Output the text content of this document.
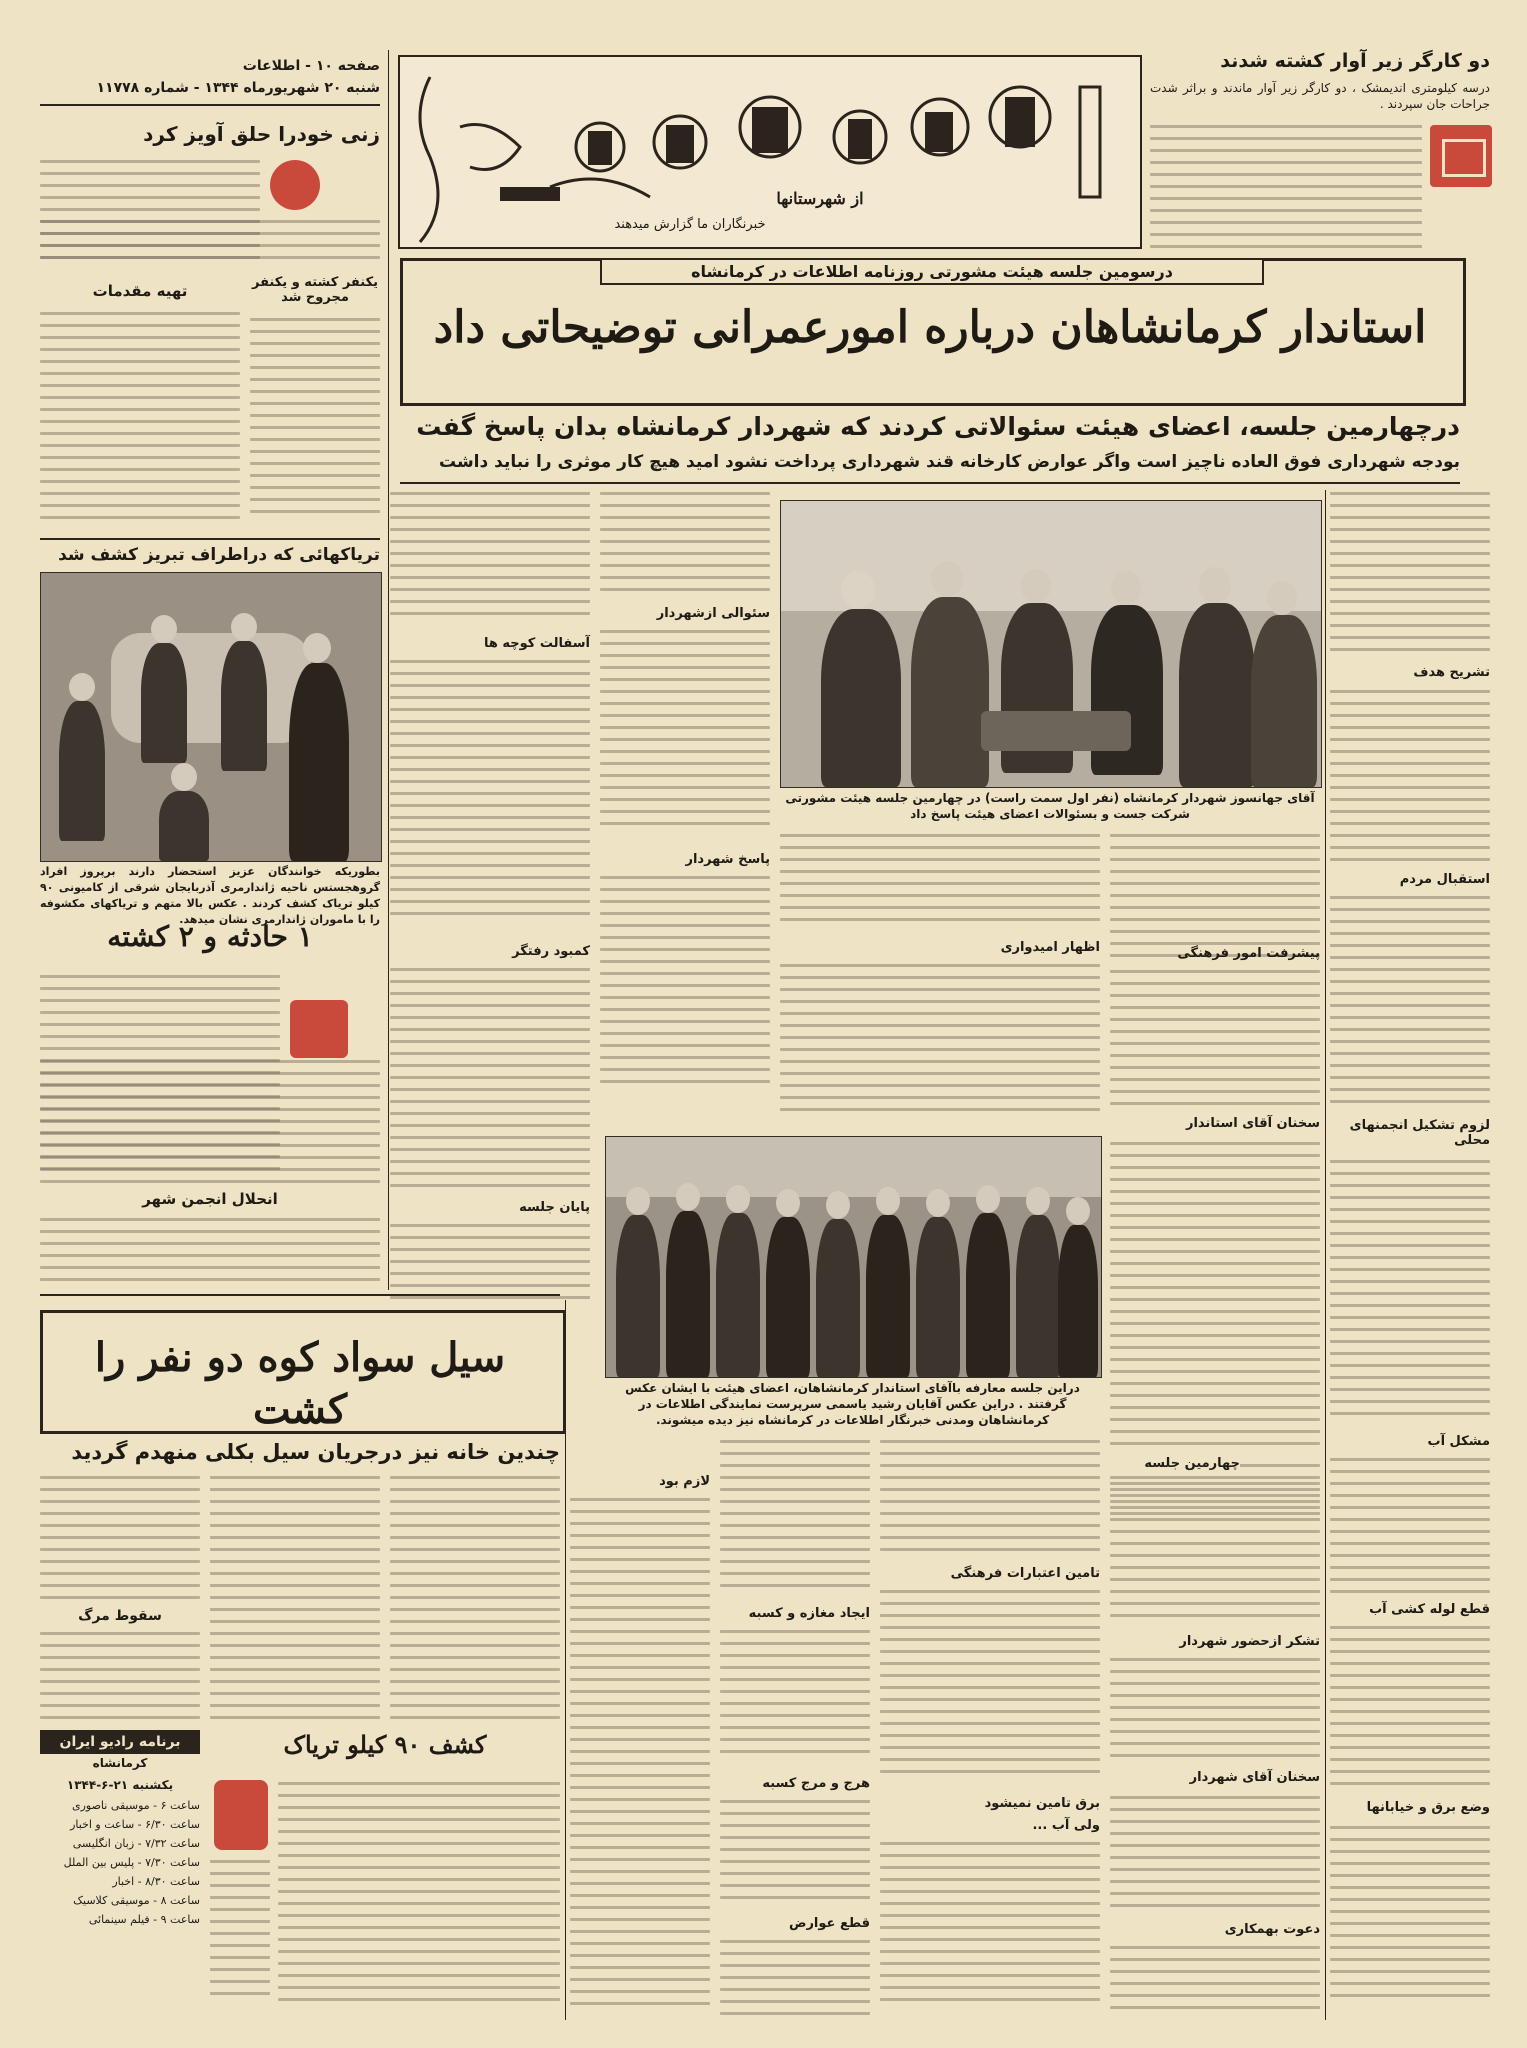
صفحه ۱۰ - اطلاعات
شنبه ۲۰ شهریورماه ۱۳۴۴ - شماره ۱۱۷۷۸
از شهرستانها
خبرنگاران ما گزارش میدهند
دو کارگر زیر آوار کشته شدند
درسه کیلومتری اندیمشک ، دو کارگر زیر آوار ماندند و براثر شدت جراحات جان سپردند .
زنی خودرا حلق آویز کرد
یکنفر کشته و یکنفر مجروح شد
تهیه مقدمات
تریاکهائی که دراطراف تبریز کشف شد
بطوریکه خوانندگان عزیز استحضار دارند برپروز افراد گروهجستس ناحیه ژاندارمری آذربایجان شرقی از کامیونی ۹۰ کیلو تریاک کشف کردند . عکس بالا متهم و تریاکهای مکشوفه را با ماموران ژاندارمری نشان میدهد.
۱ حادثه و ۲ کشته
انحلال انجمن شهر
درسومین جلسه هیئت مشورتی روزنامه اطلاعات در کرمانشاه
استاندار کرمانشاهان درباره امورعمرانی توضیحاتی داد
درچهارمین جلسه، اعضای هیئت سئوالاتی کردند که شهردار کرمانشاه بدان پاسخ گفت
بودجه شهرداری فوق العاده ناچیز است واگر عوارض کارخانه قند شهرداری پرداخت نشود امید هیچ کار موثری را نباید داشت
تشریح هدف
استقبال مردم
لزوم تشکیل انجمنهای محلی
مشکل آب
قطع لوله کشی آب
وضع برق و خیابانها
آقای جهانسوز شهردار کرمانشاه (نفر اول سمت راست) در چهارمین جلسه هیئت مشورتی شرکت جست و بسئوالات اعضای هیئت پاسخ داد
سئوالی ازشهردار
پاسخ شهردار
آسفالت کوچه ها
کمبود رفتگر
پایان جلسه
پیشرفت امور فرهنگی
سخنان آقای استاندار
اظهار امیدواری
دراین جلسه معارفه باآقای استاندار کرمانشاهان، اعضای هیئت با ایشان عکس گرفتند . دراین عکس آقایان رشید یاسمی سرپرست نمایندگی اطلاعات در کرمانشاهان ومدنی خبرنگار اطلاعات در کرمانشاه نیز دیده میشوند.
چهارمین جلسه
تشکر ازحضور شهردار
سخنان آقای شهردار
دعوت بهمکاری
تامین اعتبارات فرهنگی
برق تامین نمیشود
ولی آب ...
ایجاد مغازه و کسبه
هرج و مرج کسبه
قطع عوارض
لازم بود
سیل سواد کوه دو نفر را کشت
چندین خانه نیز درجریان سیل بکلی منهدم گردید
سقوط مرگ
برنامه رادیو ایران
کرمانشاه
یکشنبه ۲۱-۶-۱۳۴۴
ساعت ۶ - موسیقی ناصوری
ساعت ۶/۳۰ - ساعت و اخبار
ساعت ۷/۳۲ - زبان انگلیسی
ساعت ۷/۳۰ - پلیس بین الملل
ساعت ۸/۳۰ - اخبار
ساعت ۸ - موسیقی کلاسیک
ساعت ۹ - فیلم سینمائی
کشف ۹۰ کیلو تریاک
